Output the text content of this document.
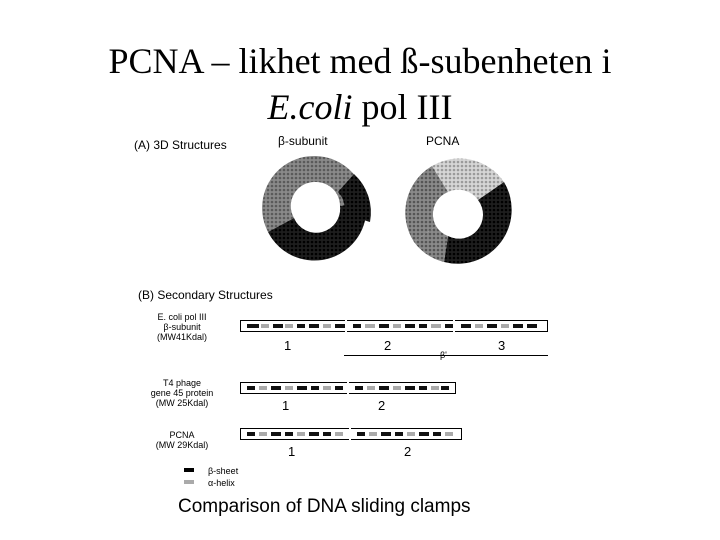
PCNA – likhet med ß-subenheten i
E.coli pol III
(A) 3D Structures	β-subunit	PCNA
(B) Secondary Structures
E. coli pol III
β-subunit
(MW41Kdal)
1	2	3
β'
T4 phage
gene 45 protein
(MW 25Kdal)	1	2
PCNA
(MW 29Kdal)	1	2
β-sheet
α-helix
Comparison of DNA sliding clamps
